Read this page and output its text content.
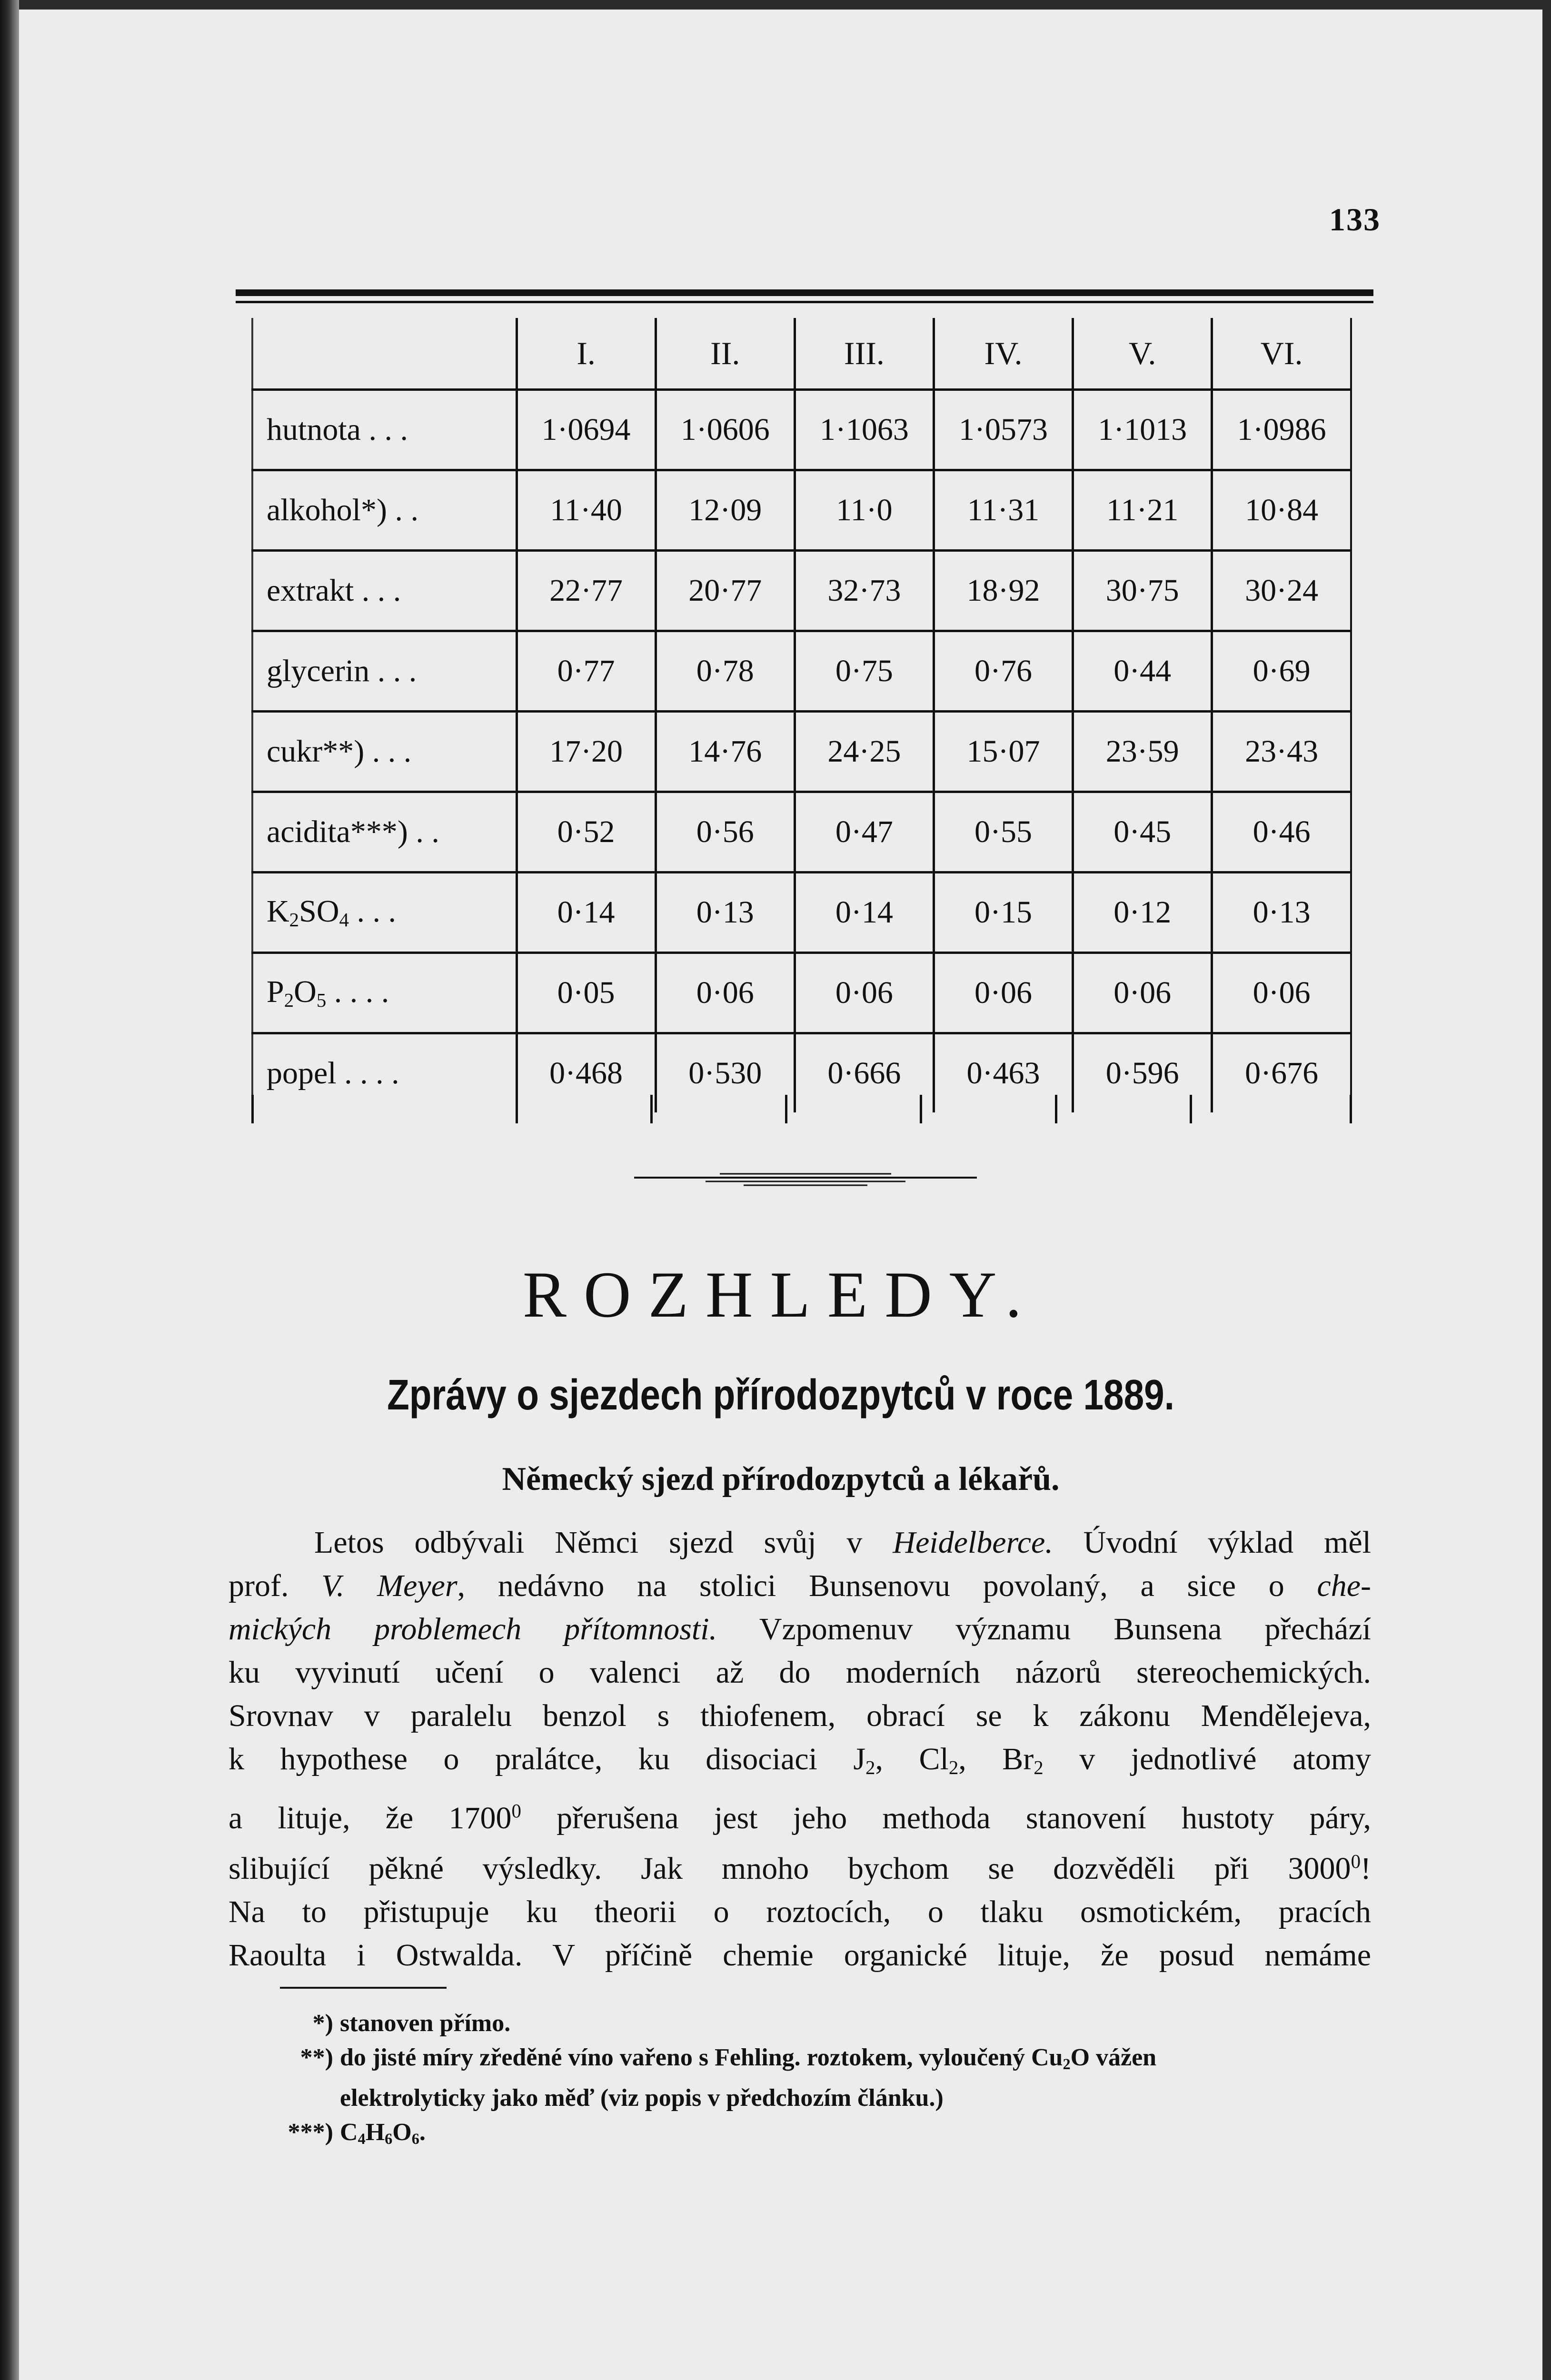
133
	I.	II.	III.	IV.	V.	VI.
hutnota . . .	1·0694	1·0606	1·1063	1·0573	1·1013	1·0986
alkohol*) . .	11·40	12·09	11·0	11·31	11·21	10·84
extrakt . . .	22·77	20·77	32·73	18·92	30·75	30·24
glycerin . . .	0·77	0·78	0·75	0·76	0·44	0·69
cukr**) . . .	17·20	14·76	24·25	15·07	23·59	23·43
acidita***) . .	0·52	0·56	0·47	0·55	0·45	0·46
$K_2SO_4$ . . .	0·14	0·13	0·14	0·15	0·12	0·13
$P_2O_5$ . . . .	0·05	0·06	0·06	0·06	0·06	0·06
popel . . . .	0·468	0·530	0·666	0·463	0·596	0·676
ROZHLEDY.
Zprávy o sjezdech přírodozpytců v roce 1889.
Německý sjezd přírodozpytců a lékařů.
Letos odbývali Němci sjezd svůj v Heidelberce. Úvodní výklad měl
prof. V. Meyer, nedávno na stolici Bunsenovu povolaný, a sice o che-
mických problemech přítomnosti. Vzpomenuv významu Bunsena přechází
ku vyvinutí učení o valenci až do moderních názorů stereochemických.
Srovnav v paralelu benzol s thiofenem, obrací se k zákonu Mendělejeva,
k hypothese o pralátce, ku disociaci $J_2$, $Cl_2$, $Br_2$ v jednotlivé atomy
a lituje, že 1700$^0$ přerušena jest jeho methoda stanovení hustoty páry,
slibující pěkné výsledky. Jak mnoho bychom se dozvěděli při 3000$^0$!
Na to přistupuje ku theorii o roztocích, o tlaku osmotickém, pracích
Raoulta i Ostwalda. V příčině chemie organické lituje, že posud nemáme
*) stanoven přímo.
**) do jisté míry zředěné víno vařeno s Fehling. roztokem, vyloučený $Cu_2O$ vážen
elektrolyticky jako měď (viz popis v předchozím článku.)
***) $C_4H_6O_6$.
